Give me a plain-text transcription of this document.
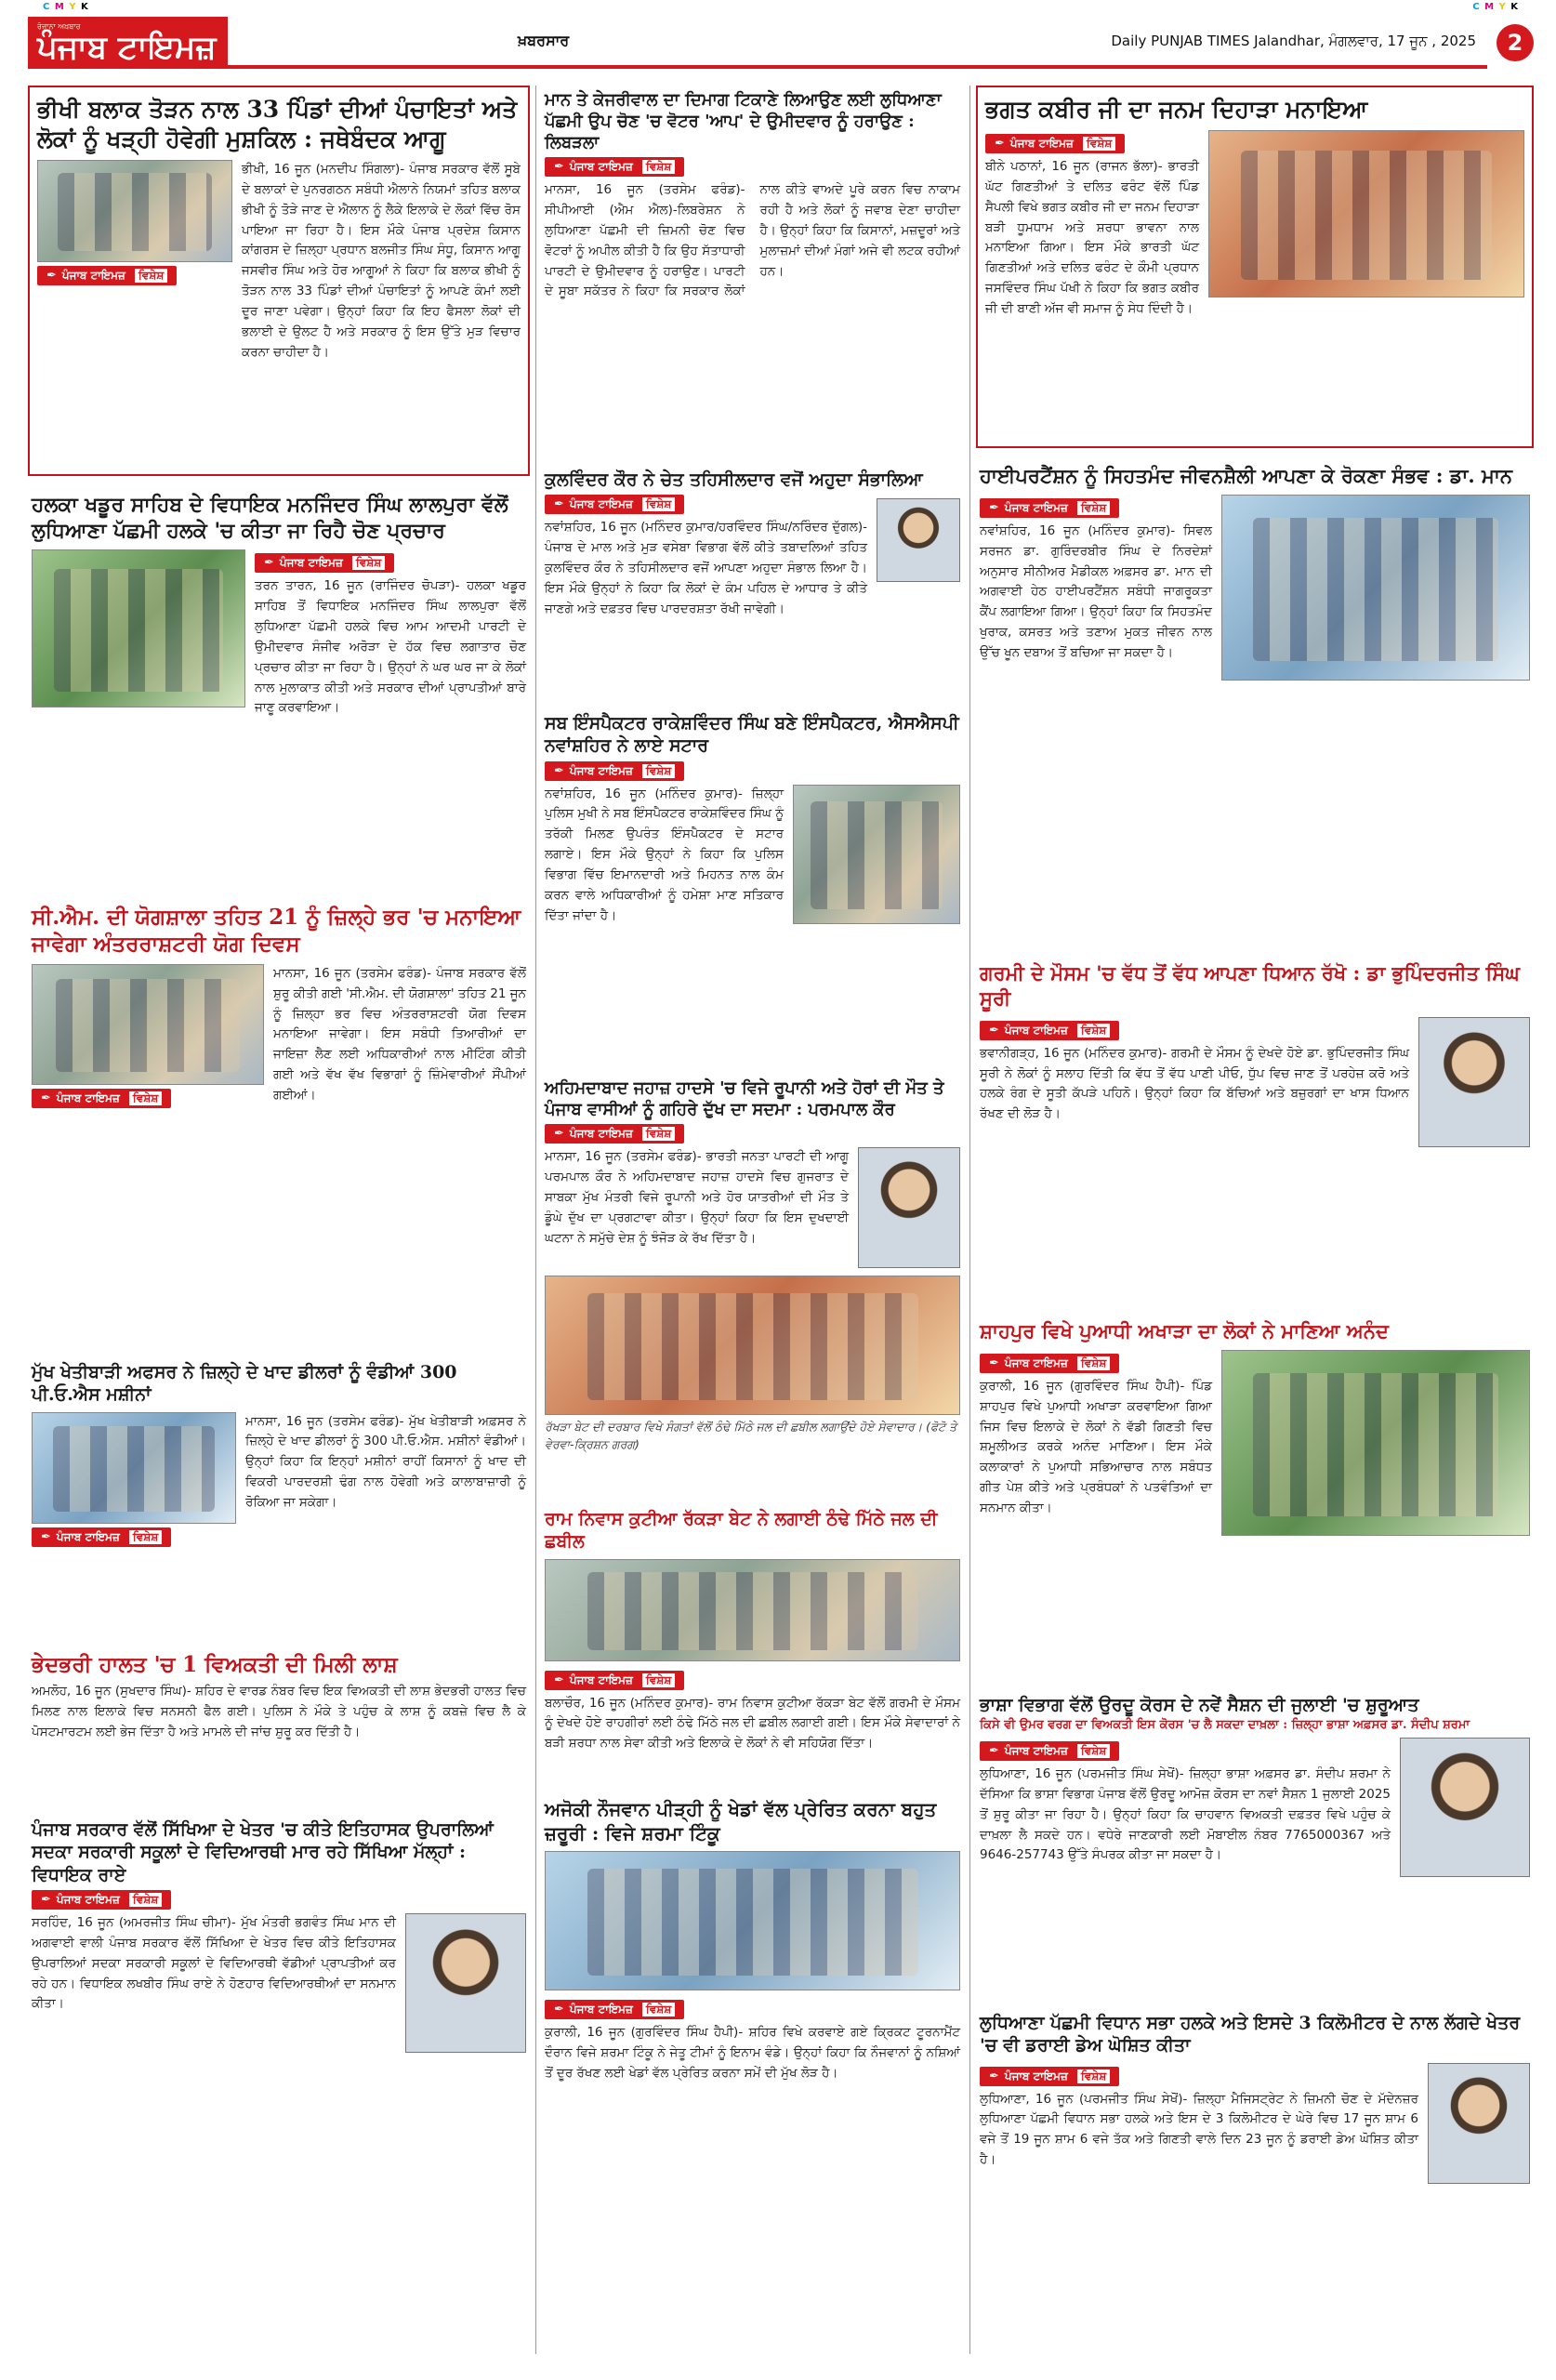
C M Y K	C M Y K
ਰੋਜ਼ਾਨਾ ਅਖ਼ਬਾਰ
ਪੰਜਾਬ ਟਾਇਮਜ਼	ਖ਼ਬਰਸਾਰ	Daily PUNJAB TIMES Jalandhar, ਮੰਗਲਵਾਰ, 17 ਜੂਨ , 2025	2
ਭੀਖੀ ਬਲਾਕ ਤੋੜਨ ਨਾਲ 33 ਪਿੰਡਾਂ ਦੀਆਂ ਪੰਚਾਇਤਾਂ ਅਤੇ ਲੋਕਾਂ ਨੂੰ ਖੜ੍ਹੀ ਹੋਵੇਗੀ ਮੁਸ਼ਕਿਲ : ਜਥੇਬੰਦਕ ਆਗੂ
✒ ਪੰਜਾਬ ਟਾਇਮਜ਼	ਵਿਸ਼ੇਸ਼

ਭੀਖੀ, 16 ਜੂਨ (ਮਨਦੀਪ ਸਿੰਗਲਾ)- ਪੰਜਾਬ ਸਰਕਾਰ ਵੱਲੋਂ ਸੂਬੇ ਦੇ ਬਲਾਕਾਂ ਦੇ ਪੁਨਰਗਠਨ ਸਬੰਧੀ ਐਲਾਨੇ ਨਿਯਮਾਂ ਤਹਿਤ ਬਲਾਕ ਭੀਖੀ ਨੂੰ ਤੋੜੇ ਜਾਣ ਦੇ ਐਲਾਨ ਨੂੰ ਲੈਕੇ ਇਲਾਕੇ ਦੇ ਲੋਕਾਂ ਵਿੱਚ ਰੋਸ ਪਾਇਆ ਜਾ ਰਿਹਾ ਹੈ। ਇਸ ਮੌਕੇ ਪੰਜਾਬ ਪ੍ਰਦੇਸ਼ ਕਿਸਾਨ ਕਾਂਗਰਸ ਦੇ ਜ਼ਿਲ੍ਹਾ ਪ੍ਰਧਾਨ ਬਲਜੀਤ ਸਿੰਘ ਸੰਧੂ, ਕਿਸਾਨ ਆਗੂ ਜਸਵੀਰ ਸਿੰਘ ਅਤੇ ਹੋਰ ਆਗੂਆਂ ਨੇ ਕਿਹਾ ਕਿ ਬਲਾਕ ਭੀਖੀ ਨੂੰ ਤੋੜਨ ਨਾਲ 33 ਪਿੰਡਾਂ ਦੀਆਂ ਪੰਚਾਇਤਾਂ ਨੂੰ ਆਪਣੇ ਕੰਮਾਂ ਲਈ ਦੂਰ ਜਾਣਾ ਪਵੇਗਾ। ਉਨ੍ਹਾਂ ਕਿਹਾ ਕਿ ਇਹ ਫੈਸਲਾ ਲੋਕਾਂ ਦੀ ਭਲਾਈ ਦੇ ਉਲਟ ਹੈ ਅਤੇ ਸਰਕਾਰ ਨੂੰ ਇਸ ਉੱਤੇ ਮੁੜ ਵਿਚਾਰ ਕਰਨਾ ਚਾਹੀਦਾ ਹੈ।

ਮਾਨ ਤੇ ਕੇਜਰੀਵਾਲ ਦਾ ਦਿਮਾਗ ਟਿਕਾਣੇ ਲਿਆਉਣ ਲਈ ਲੁਧਿਆਣਾ ਪੱਛਮੀ ਉਪ ਚੋਣ 'ਚ ਵੋਟਰ 'ਆਪ' ਦੇ ਉਮੀਦਵਾਰ ਨੂੰ ਹਰਾਉਣ : ਲਿਬੜਲਾ
✒ ਪੰਜਾਬ ਟਾਇਮਜ਼	ਵਿਸ਼ੇਸ਼

ਮਾਨਸਾ, 16 ਜੂਨ (ਤਰਸੇਮ ਫਰੰਡ)- ਸੀਪੀਆਈ (ਐਮ ਐਲ)-ਲਿਬਰੇਸ਼ਨ ਨੇ ਲੁਧਿਆਣਾ ਪੱਛਮੀ ਦੀ ਜ਼ਿਮਨੀ ਚੋਣ ਵਿਚ ਵੋਟਰਾਂ ਨੂੰ ਅਪੀਲ ਕੀਤੀ ਹੈ ਕਿ ਉਹ ਸੱਤਾਧਾਰੀ ਪਾਰਟੀ ਦੇ ਉਮੀਦਵਾਰ ਨੂੰ ਹਰਾਉਣ। ਪਾਰਟੀ ਦੇ ਸੂਬਾ ਸਕੱਤਰ ਨੇ ਕਿਹਾ ਕਿ ਸਰਕਾਰ ਲੋਕਾਂ ਨਾਲ ਕੀਤੇ ਵਾਅਦੇ ਪੂਰੇ ਕਰਨ ਵਿਚ ਨਾਕਾਮ ਰਹੀ ਹੈ ਅਤੇ ਲੋਕਾਂ ਨੂੰ ਜਵਾਬ ਦੇਣਾ ਚਾਹੀਦਾ ਹੈ। ਉਨ੍ਹਾਂ ਕਿਹਾ ਕਿ ਕਿਸਾਨਾਂ, ਮਜ਼ਦੂਰਾਂ ਅਤੇ ਮੁਲਾਜ਼ਮਾਂ ਦੀਆਂ ਮੰਗਾਂ ਅਜੇ ਵੀ ਲਟਕ ਰਹੀਆਂ ਹਨ।

ਭਗਤ ਕਬੀਰ ਜੀ ਦਾ ਜਨਮ ਦਿਹਾੜਾ ਮਨਾਇਆ
✒ ਪੰਜਾਬ ਟਾਇਮਜ਼	ਵਿਸ਼ੇਸ਼

ਬੀਨੇ ਪਠਾਨਾਂ, 16 ਜੂਨ (ਰਾਜਨ ਭੱਲਾ)- ਭਾਰਤੀ ਘੱਟ ਗਿਣਤੀਆਂ ਤੇ ਦਲਿਤ ਫਰੰਟ ਵੱਲੋਂ ਪਿੰਡ ਸੈਪਲੀ ਵਿਖੇ ਭਗਤ ਕਬੀਰ ਜੀ ਦਾ ਜਨਮ ਦਿਹਾੜਾ ਬੜੀ ਧੂਮਧਾਮ ਅਤੇ ਸ਼ਰਧਾ ਭਾਵਨਾ ਨਾਲ ਮਨਾਇਆ ਗਿਆ। ਇਸ ਮੌਕੇ ਭਾਰਤੀ ਘੱਟ ਗਿਣਤੀਆਂ ਅਤੇ ਦਲਿਤ ਫਰੰਟ ਦੇ ਕੌਮੀ ਪ੍ਰਧਾਨ ਜਸਵਿੰਦਰ ਸਿੰਘ ਪੱਖੀ ਨੇ ਕਿਹਾ ਕਿ ਭਗਤ ਕਬੀਰ ਜੀ ਦੀ ਬਾਣੀ ਅੱਜ ਵੀ ਸਮਾਜ ਨੂੰ ਸੇਧ ਦਿੰਦੀ ਹੈ।

ਕੁਲਵਿੰਦਰ ਕੌਰ ਨੇ ਚੇਤ ਤਹਿਸੀਲਦਾਰ ਵਜੋਂ ਅਹੁਦਾ ਸੰਭਾਲਿਆ
✒ ਪੰਜਾਬ ਟਾਇਮਜ਼	ਵਿਸ਼ੇਸ਼

ਨਵਾਂਸ਼ਹਿਰ, 16 ਜੂਨ (ਮਨਿੰਦਰ ਕੁਮਾਰ/ਹਰਵਿੰਦਰ ਸਿੰਘ/ਨਰਿੰਦਰ ਦੁੱਗਲ)- ਪੰਜਾਬ ਦੇ ਮਾਲ ਅਤੇ ਮੁੜ ਵਸੇਬਾ ਵਿਭਾਗ ਵੱਲੋਂ ਕੀਤੇ ਤਬਾਦਲਿਆਂ ਤਹਿਤ ਕੁਲਵਿੰਦਰ ਕੌਰ ਨੇ ਤਹਿਸੀਲਦਾਰ ਵਜੋਂ ਆਪਣਾ ਅਹੁਦਾ ਸੰਭਾਲ ਲਿਆ ਹੈ। ਇਸ ਮੌਕੇ ਉਨ੍ਹਾਂ ਨੇ ਕਿਹਾ ਕਿ ਲੋਕਾਂ ਦੇ ਕੰਮ ਪਹਿਲ ਦੇ ਆਧਾਰ ਤੇ ਕੀਤੇ ਜਾਣਗੇ ਅਤੇ ਦਫ਼ਤਰ ਵਿਚ ਪਾਰਦਰਸ਼ਤਾ ਰੱਖੀ ਜਾਵੇਗੀ।

ਹਲਕਾ ਖਡੂਰ ਸਾਹਿਬ ਦੇ ਵਿਧਾਇਕ ਮਨਜਿੰਦਰ ਸਿੰਘ ਲਾਲਪੁਰਾ ਵੱਲੋਂ ਲੁਧਿਆਣਾ ਪੱਛਮੀ ਹਲਕੇ 'ਚ ਕੀਤਾ ਜਾ ਰਿਹੈ ਚੋਣ ਪ੍ਰਚਾਰ
✒ ਪੰਜਾਬ ਟਾਇਮਜ਼	ਵਿਸ਼ੇਸ਼

ਤਰਨ ਤਾਰਨ, 16 ਜੂਨ (ਰਾਜਿੰਦਰ ਚੋਪੜਾ)- ਹਲਕਾ ਖਡੂਰ ਸਾਹਿਬ ਤੋਂ ਵਿਧਾਇਕ ਮਨਜਿੰਦਰ ਸਿੰਘ ਲਾਲਪੁਰਾ ਵੱਲੋਂ ਲੁਧਿਆਣਾ ਪੱਛਮੀ ਹਲਕੇ ਵਿਚ ਆਮ ਆਦਮੀ ਪਾਰਟੀ ਦੇ ਉਮੀਦਵਾਰ ਸੰਜੀਵ ਅਰੋੜਾ ਦੇ ਹੱਕ ਵਿਚ ਲਗਾਤਾਰ ਚੋਣ ਪ੍ਰਚਾਰ ਕੀਤਾ ਜਾ ਰਿਹਾ ਹੈ। ਉਨ੍ਹਾਂ ਨੇ ਘਰ ਘਰ ਜਾ ਕੇ ਲੋਕਾਂ ਨਾਲ ਮੁਲਾਕਾਤ ਕੀਤੀ ਅਤੇ ਸਰਕਾਰ ਦੀਆਂ ਪ੍ਰਾਪਤੀਆਂ ਬਾਰੇ ਜਾਣੂ ਕਰਵਾਇਆ।

ਹਾਈਪਰਟੈਂਸ਼ਨ ਨੂੰ ਸਿਹਤਮੰਦ ਜੀਵਨਸ਼ੈਲੀ ਆਪਣਾ ਕੇ ਰੋਕਣਾ ਸੰਭਵ : ਡਾ. ਮਾਨ
✒ ਪੰਜਾਬ ਟਾਇਮਜ਼	ਵਿਸ਼ੇਸ਼

ਨਵਾਂਸ਼ਹਿਰ, 16 ਜੂਨ (ਮਨਿੰਦਰ ਕੁਮਾਰ)- ਸਿਵਲ ਸਰਜਨ ਡਾ. ਗੁਰਿੰਦਰਬੀਰ ਸਿੰਘ ਦੇ ਨਿਰਦੇਸ਼ਾਂ ਅਨੁਸਾਰ ਸੀਨੀਅਰ ਮੈਡੀਕਲ ਅਫ਼ਸਰ ਡਾ. ਮਾਨ ਦੀ ਅਗਵਾਈ ਹੇਠ ਹਾਈਪਰਟੈਂਸ਼ਨ ਸਬੰਧੀ ਜਾਗਰੂਕਤਾ ਕੈਂਪ ਲਗਾਇਆ ਗਿਆ। ਉਨ੍ਹਾਂ ਕਿਹਾ ਕਿ ਸਿਹਤਮੰਦ ਖੁਰਾਕ, ਕਸਰਤ ਅਤੇ ਤਣਾਅ ਮੁਕਤ ਜੀਵਨ ਨਾਲ ਉੱਚ ਖੂਨ ਦਬਾਅ ਤੋਂ ਬਚਿਆ ਜਾ ਸਕਦਾ ਹੈ।

ਸਬ ਇੰਸਪੈਕਟਰ ਰਾਕੇਸ਼ਵਿੰਦਰ ਸਿੰਘ ਬਣੇ ਇੰਸਪੈਕਟਰ, ਐਸਐਸਪੀ ਨਵਾਂਸ਼ਹਿਰ ਨੇ ਲਾਏ ਸਟਾਰ
✒ ਪੰਜਾਬ ਟਾਇਮਜ਼	ਵਿਸ਼ੇਸ਼

ਨਵਾਂਸ਼ਹਿਰ, 16 ਜੂਨ (ਮਨਿੰਦਰ ਕੁਮਾਰ)- ਜ਼ਿਲ੍ਹਾ ਪੁਲਿਸ ਮੁਖੀ ਨੇ ਸਬ ਇੰਸਪੈਕਟਰ ਰਾਕੇਸ਼ਵਿੰਦਰ ਸਿੰਘ ਨੂੰ ਤਰੱਕੀ ਮਿਲਣ ਉਪਰੰਤ ਇੰਸਪੈਕਟਰ ਦੇ ਸਟਾਰ ਲਗਾਏ। ਇਸ ਮੌਕੇ ਉਨ੍ਹਾਂ ਨੇ ਕਿਹਾ ਕਿ ਪੁਲਿਸ ਵਿਭਾਗ ਵਿੱਚ ਇਮਾਨਦਾਰੀ ਅਤੇ ਮਿਹਨਤ ਨਾਲ ਕੰਮ ਕਰਨ ਵਾਲੇ ਅਧਿਕਾਰੀਆਂ ਨੂੰ ਹਮੇਸ਼ਾ ਮਾਣ ਸਤਿਕਾਰ ਦਿੱਤਾ ਜਾਂਦਾ ਹੈ।

ਸੀ.ਐਮ. ਦੀ ਯੋਗਸ਼ਾਲਾ ਤਹਿਤ 21 ਨੂੰ ਜ਼ਿਲ੍ਹੇ ਭਰ 'ਚ ਮਨਾਇਆ ਜਾਵੇਗਾ ਅੰਤਰਰਾਸ਼ਟਰੀ ਯੋਗ ਦਿਵਸ
✒ ਪੰਜਾਬ ਟਾਇਮਜ਼	ਵਿਸ਼ੇਸ਼

ਮਾਨਸਾ, 16 ਜੂਨ (ਤਰਸੇਮ ਫਰੰਡ)- ਪੰਜਾਬ ਸਰਕਾਰ ਵੱਲੋਂ ਸ਼ੁਰੂ ਕੀਤੀ ਗਈ 'ਸੀ.ਐਮ. ਦੀ ਯੋਗਸ਼ਾਲਾ' ਤਹਿਤ 21 ਜੂਨ ਨੂੰ ਜ਼ਿਲ੍ਹਾ ਭਰ ਵਿਚ ਅੰਤਰਰਾਸ਼ਟਰੀ ਯੋਗ ਦਿਵਸ ਮਨਾਇਆ ਜਾਵੇਗਾ। ਇਸ ਸਬੰਧੀ ਤਿਆਰੀਆਂ ਦਾ ਜਾਇਜ਼ਾ ਲੈਣ ਲਈ ਅਧਿਕਾਰੀਆਂ ਨਾਲ ਮੀਟਿੰਗ ਕੀਤੀ ਗਈ ਅਤੇ ਵੱਖ ਵੱਖ ਵਿਭਾਗਾਂ ਨੂੰ ਜ਼ਿੰਮੇਵਾਰੀਆਂ ਸੌਂਪੀਆਂ ਗਈਆਂ।

ਗਰਮੀ ਦੇ ਮੌਸਮ 'ਚ ਵੱਧ ਤੋਂ ਵੱਧ ਆਪਣਾ ਧਿਆਨ ਰੱਖੋ : ਡਾ ਭੁਪਿੰਦਰਜੀਤ ਸਿੰਘ ਸੂਰੀ
✒ ਪੰਜਾਬ ਟਾਇਮਜ਼	ਵਿਸ਼ੇਸ਼

ਭਵਾਨੀਗੜ੍ਹ, 16 ਜੂਨ (ਮਨਿੰਦਰ ਕੁਮਾਰ)- ਗਰਮੀ ਦੇ ਮੌਸਮ ਨੂੰ ਦੇਖਦੇ ਹੋਏ ਡਾ. ਭੁਪਿੰਦਰਜੀਤ ਸਿੰਘ ਸੂਰੀ ਨੇ ਲੋਕਾਂ ਨੂੰ ਸਲਾਹ ਦਿੱਤੀ ਕਿ ਵੱਧ ਤੋਂ ਵੱਧ ਪਾਣੀ ਪੀਓ, ਧੁੱਪ ਵਿਚ ਜਾਣ ਤੋਂ ਪਰਹੇਜ਼ ਕਰੋ ਅਤੇ ਹਲਕੇ ਰੰਗ ਦੇ ਸੂਤੀ ਕੱਪੜੇ ਪਹਿਨੋ। ਉਨ੍ਹਾਂ ਕਿਹਾ ਕਿ ਬੱਚਿਆਂ ਅਤੇ ਬਜ਼ੁਰਗਾਂ ਦਾ ਖਾਸ ਧਿਆਨ ਰੱਖਣ ਦੀ ਲੋੜ ਹੈ।

ਅਹਿਮਦਾਬਾਦ ਜਹਾਜ਼ ਹਾਦਸੇ 'ਚ ਵਿਜੇ ਰੂਪਾਨੀ ਅਤੇ ਹੋਰਾਂ ਦੀ ਮੌਤ ਤੇ ਪੰਜਾਬ ਵਾਸੀਆਂ ਨੂੰ ਗਹਿਰੇ ਦੁੱਖ ਦਾ ਸਦਮਾ : ਪਰਮਪਾਲ ਕੌਰ
✒ ਪੰਜਾਬ ਟਾਇਮਜ਼	ਵਿਸ਼ੇਸ਼

ਮਾਨਸਾ, 16 ਜੂਨ (ਤਰਸੇਮ ਫਰੰਡ)- ਭਾਰਤੀ ਜਨਤਾ ਪਾਰਟੀ ਦੀ ਆਗੂ ਪਰਮਪਾਲ ਕੌਰ ਨੇ ਅਹਿਮਦਾਬਾਦ ਜਹਾਜ਼ ਹਾਦਸੇ ਵਿਚ ਗੁਜਰਾਤ ਦੇ ਸਾਬਕਾ ਮੁੱਖ ਮੰਤਰੀ ਵਿਜੇ ਰੂਪਾਨੀ ਅਤੇ ਹੋਰ ਯਾਤਰੀਆਂ ਦੀ ਮੌਤ ਤੇ ਡੂੰਘੇ ਦੁੱਖ ਦਾ ਪ੍ਰਗਟਾਵਾ ਕੀਤਾ। ਉਨ੍ਹਾਂ ਕਿਹਾ ਕਿ ਇਸ ਦੁਖਦਾਈ ਘਟਨਾ ਨੇ ਸਮੁੱਚੇ ਦੇਸ਼ ਨੂੰ ਝੰਜੋੜ ਕੇ ਰੱਖ ਦਿੱਤਾ ਹੈ।

ਰੱਖੜਾ ਬੇਟ ਦੀ ਦਰਬਾਰ ਵਿਖੇ ਸੰਗਤਾਂ ਵੱਲੋਂ ਠੰਢੇ ਮਿੱਠੇ ਜਲ ਦੀ ਛਬੀਲ ਲਗਾਉਂਦੇ ਹੋਏ ਸੇਵਾਦਾਰ। (ਫੋਟੋ ਤੇ ਵੇਰਵਾ-ਕ੍ਰਿਸ਼ਨ ਗਰਗ)

ਮੁੱਖ ਖੇਤੀਬਾੜੀ ਅਫਸਰ ਨੇ ਜ਼ਿਲ੍ਹੇ ਦੇ ਖਾਦ ਡੀਲਰਾਂ ਨੂੰ ਵੰਡੀਆਂ 300 ਪੀ.ਓ.ਐਸ ਮਸ਼ੀਨਾਂ
✒ ਪੰਜਾਬ ਟਾਇਮਜ਼	ਵਿਸ਼ੇਸ਼

ਮਾਨਸਾ, 16 ਜੂਨ (ਤਰਸੇਮ ਫਰੰਡ)- ਮੁੱਖ ਖੇਤੀਬਾੜੀ ਅਫ਼ਸਰ ਨੇ ਜ਼ਿਲ੍ਹੇ ਦੇ ਖਾਦ ਡੀਲਰਾਂ ਨੂੰ 300 ਪੀ.ਓ.ਐਸ. ਮਸ਼ੀਨਾਂ ਵੰਡੀਆਂ। ਉਨ੍ਹਾਂ ਕਿਹਾ ਕਿ ਇਨ੍ਹਾਂ ਮਸ਼ੀਨਾਂ ਰਾਹੀਂ ਕਿਸਾਨਾਂ ਨੂੰ ਖਾਦ ਦੀ ਵਿਕਰੀ ਪਾਰਦਰਸ਼ੀ ਢੰਗ ਨਾਲ ਹੋਵੇਗੀ ਅਤੇ ਕਾਲਾਬਾਜ਼ਾਰੀ ਨੂੰ ਰੋਕਿਆ ਜਾ ਸਕੇਗਾ।

ਸ਼ਾਹਪੁਰ ਵਿਖੇ ਪੁਆਧੀ ਅਖਾੜਾ ਦਾ ਲੋਕਾਂ ਨੇ ਮਾਣਿਆ ਅਨੰਦ
✒ ਪੰਜਾਬ ਟਾਇਮਜ਼	ਵਿਸ਼ੇਸ਼

ਕੁਰਾਲੀ, 16 ਜੂਨ (ਗੁਰਵਿੰਦਰ ਸਿੰਘ ਹੈਪੀ)- ਪਿੰਡ ਸ਼ਾਹਪੁਰ ਵਿਖੇ ਪੁਆਧੀ ਅਖਾੜਾ ਕਰਵਾਇਆ ਗਿਆ ਜਿਸ ਵਿਚ ਇਲਾਕੇ ਦੇ ਲੋਕਾਂ ਨੇ ਵੱਡੀ ਗਿਣਤੀ ਵਿਚ ਸ਼ਮੂਲੀਅਤ ਕਰਕੇ ਅਨੰਦ ਮਾਣਿਆ। ਇਸ ਮੌਕੇ ਕਲਾਕਾਰਾਂ ਨੇ ਪੁਆਧੀ ਸਭਿਆਚਾਰ ਨਾਲ ਸਬੰਧਤ ਗੀਤ ਪੇਸ਼ ਕੀਤੇ ਅਤੇ ਪ੍ਰਬੰਧਕਾਂ ਨੇ ਪਤਵੰਤਿਆਂ ਦਾ ਸਨਮਾਨ ਕੀਤਾ।

ਰਾਮ ਨਿਵਾਸ ਕੁਟੀਆ ਰੱਕੜਾ ਬੇਟ ਨੇ ਲਗਾਈ ਠੰਢੇ ਮਿੱਠੇ ਜਲ ਦੀ ਛਬੀਲ
✒ ਪੰਜਾਬ ਟਾਇਮਜ਼	ਵਿਸ਼ੇਸ਼

ਬਲਾਚੌਰ, 16 ਜੂਨ (ਮਨਿੰਦਰ ਕੁਮਾਰ)- ਰਾਮ ਨਿਵਾਸ ਕੁਟੀਆ ਰੱਕੜਾ ਬੇਟ ਵੱਲੋਂ ਗਰਮੀ ਦੇ ਮੌਸਮ ਨੂੰ ਦੇਖਦੇ ਹੋਏ ਰਾਹਗੀਰਾਂ ਲਈ ਠੰਢੇ ਮਿੱਠੇ ਜਲ ਦੀ ਛਬੀਲ ਲਗਾਈ ਗਈ। ਇਸ ਮੌਕੇ ਸੇਵਾਦਾਰਾਂ ਨੇ ਬੜੀ ਸ਼ਰਧਾ ਨਾਲ ਸੇਵਾ ਕੀਤੀ ਅਤੇ ਇਲਾਕੇ ਦੇ ਲੋਕਾਂ ਨੇ ਵੀ ਸਹਿਯੋਗ ਦਿੱਤਾ।

ਭੇਦਭਰੀ ਹਾਲਤ 'ਚ 1 ਵਿਅਕਤੀ ਦੀ ਮਿਲੀ ਲਾਸ਼

ਅਮਲੋਹ, 16 ਜੂਨ (ਸੁਖਦਾਰ ਸਿੰਘ)- ਸ਼ਹਿਰ ਦੇ ਵਾਰਡ ਨੰਬਰ ਵਿਚ ਇਕ ਵਿਅਕਤੀ ਦੀ ਲਾਸ਼ ਭੇਦਭਰੀ ਹਾਲਤ ਵਿਚ ਮਿਲਣ ਨਾਲ ਇਲਾਕੇ ਵਿਚ ਸਨਸਨੀ ਫੈਲ ਗਈ। ਪੁਲਿਸ ਨੇ ਮੌਕੇ ਤੇ ਪਹੁੰਚ ਕੇ ਲਾਸ਼ ਨੂੰ ਕਬਜ਼ੇ ਵਿਚ ਲੈ ਕੇ ਪੋਸਟਮਾਰਟਮ ਲਈ ਭੇਜ ਦਿੱਤਾ ਹੈ ਅਤੇ ਮਾਮਲੇ ਦੀ ਜਾਂਚ ਸ਼ੁਰੂ ਕਰ ਦਿੱਤੀ ਹੈ।

ਭਾਸ਼ਾ ਵਿਭਾਗ ਵੱਲੋਂ ਉਰਦੂ ਕੋਰਸ ਦੇ ਨਵੇਂ ਸੈਸ਼ਨ ਦੀ ਜੁਲਾਈ 'ਚ ਸ਼ੁਰੂਆਤ

ਕਿਸੇ ਵੀ ਉਮਰ ਵਰਗ ਦਾ ਵਿਅਕਤੀ ਇਸ ਕੋਰਸ 'ਚ ਲੈ ਸਕਦਾ ਦਾਖ਼ਲਾ : ਜ਼ਿਲ੍ਹਾ ਭਾਸ਼ਾ ਅਫ਼ਸਰ ਡਾ. ਸੰਦੀਪ ਸ਼ਰਮਾ

✒ ਪੰਜਾਬ ਟਾਇਮਜ਼	ਵਿਸ਼ੇਸ਼

ਲੁਧਿਆਣਾ, 16 ਜੂਨ (ਪਰਮਜੀਤ ਸਿੰਘ ਸੇਖੋਂ)- ਜ਼ਿਲ੍ਹਾ ਭਾਸ਼ਾ ਅਫ਼ਸਰ ਡਾ. ਸੰਦੀਪ ਸ਼ਰਮਾ ਨੇ ਦੱਸਿਆ ਕਿ ਭਾਸ਼ਾ ਵਿਭਾਗ ਪੰਜਾਬ ਵੱਲੋਂ ਉਰਦੂ ਆਮੋਜ਼ ਕੋਰਸ ਦਾ ਨਵਾਂ ਸੈਸ਼ਨ 1 ਜੁਲਾਈ 2025 ਤੋਂ ਸ਼ੁਰੂ ਕੀਤਾ ਜਾ ਰਿਹਾ ਹੈ। ਉਨ੍ਹਾਂ ਕਿਹਾ ਕਿ ਚਾਹਵਾਨ ਵਿਅਕਤੀ ਦਫ਼ਤਰ ਵਿਖੇ ਪਹੁੰਚ ਕੇ ਦਾਖ਼ਲਾ ਲੈ ਸਕਦੇ ਹਨ। ਵਧੇਰੇ ਜਾਣਕਾਰੀ ਲਈ ਮੋਬਾਈਲ ਨੰਬਰ 7765000367 ਅਤੇ 9646-257743 ਉੱਤੇ ਸੰਪਰਕ ਕੀਤਾ ਜਾ ਸਕਦਾ ਹੈ।

ਅਜੋਕੀ ਨੌਜਵਾਨ ਪੀੜ੍ਹੀ ਨੂੰ ਖੇਡਾਂ ਵੱਲ ਪ੍ਰੇਰਿਤ ਕਰਨਾ ਬਹੁਤ ਜ਼ਰੂਰੀ : ਵਿਜੇ ਸ਼ਰਮਾ ਟਿੰਕੂ
✒ ਪੰਜਾਬ ਟਾਇਮਜ਼	ਵਿਸ਼ੇਸ਼

ਕੁਰਾਲੀ, 16 ਜੂਨ (ਗੁਰਵਿੰਦਰ ਸਿੰਘ ਹੈਪੀ)- ਸ਼ਹਿਰ ਵਿਖੇ ਕਰਵਾਏ ਗਏ ਕ੍ਰਿਕਟ ਟੂਰਨਾਮੈਂਟ ਦੌਰਾਨ ਵਿਜੇ ਸ਼ਰਮਾ ਟਿੰਕੂ ਨੇ ਜੇਤੂ ਟੀਮਾਂ ਨੂੰ ਇਨਾਮ ਵੰਡੇ। ਉਨ੍ਹਾਂ ਕਿਹਾ ਕਿ ਨੌਜਵਾਨਾਂ ਨੂੰ ਨਸ਼ਿਆਂ ਤੋਂ ਦੂਰ ਰੱਖਣ ਲਈ ਖੇਡਾਂ ਵੱਲ ਪ੍ਰੇਰਿਤ ਕਰਨਾ ਸਮੇਂ ਦੀ ਮੁੱਖ ਲੋੜ ਹੈ।

ਪੰਜਾਬ ਸਰਕਾਰ ਵੱਲੋਂ ਸਿੱਖਿਆ ਦੇ ਖੇਤਰ 'ਚ ਕੀਤੇ ਇਤਿਹਾਸਕ ਉਪਰਾਲਿਆਂ ਸਦਕਾ ਸਰਕਾਰੀ ਸਕੂਲਾਂ ਦੇ ਵਿਦਿਆਰਥੀ ਮਾਰ ਰਹੇ ਸਿੱਖਿਆ ਮੱਲ੍ਹਾਂ : ਵਿਧਾਇਕ ਰਾਏ
✒ ਪੰਜਾਬ ਟਾਇਮਜ਼	ਵਿਸ਼ੇਸ਼

ਸਰਹਿੰਦ, 16 ਜੂਨ (ਅਮਰਜੀਤ ਸਿੰਘ ਚੀਮਾ)- ਮੁੱਖ ਮੰਤਰੀ ਭਗਵੰਤ ਸਿੰਘ ਮਾਨ ਦੀ ਅਗਵਾਈ ਵਾਲੀ ਪੰਜਾਬ ਸਰਕਾਰ ਵੱਲੋਂ ਸਿੱਖਿਆ ਦੇ ਖੇਤਰ ਵਿਚ ਕੀਤੇ ਇਤਿਹਾਸਕ ਉਪਰਾਲਿਆਂ ਸਦਕਾ ਸਰਕਾਰੀ ਸਕੂਲਾਂ ਦੇ ਵਿਦਿਆਰਥੀ ਵੱਡੀਆਂ ਪ੍ਰਾਪਤੀਆਂ ਕਰ ਰਹੇ ਹਨ। ਵਿਧਾਇਕ ਲਖਬੀਰ ਸਿੰਘ ਰਾਏ ਨੇ ਹੋਣਹਾਰ ਵਿਦਿਆਰਥੀਆਂ ਦਾ ਸਨਮਾਨ ਕੀਤਾ।

ਲੁਧਿਆਣਾ ਪੱਛਮੀ ਵਿਧਾਨ ਸਭਾ ਹਲਕੇ ਅਤੇ ਇਸਦੇ 3 ਕਿਲੋਮੀਟਰ ਦੇ ਨਾਲ ਲੱਗਦੇ ਖੇਤਰ 'ਚ ਵੀ ਡਰਾਈ ਡੇਅ ਘੋਸ਼ਿਤ ਕੀਤਾ
✒ ਪੰਜਾਬ ਟਾਇਮਜ਼	ਵਿਸ਼ੇਸ਼

ਲੁਧਿਆਣਾ, 16 ਜੂਨ (ਪਰਮਜੀਤ ਸਿੰਘ ਸੇਖੋਂ)- ਜ਼ਿਲ੍ਹਾ ਮੈਜਿਸਟ੍ਰੇਟ ਨੇ ਜ਼ਿਮਨੀ ਚੋਣ ਦੇ ਮੱਦੇਨਜ਼ਰ ਲੁਧਿਆਣਾ ਪੱਛਮੀ ਵਿਧਾਨ ਸਭਾ ਹਲਕੇ ਅਤੇ ਇਸ ਦੇ 3 ਕਿਲੋਮੀਟਰ ਦੇ ਘੇਰੇ ਵਿਚ 17 ਜੂਨ ਸ਼ਾਮ 6 ਵਜੇ ਤੋਂ 19 ਜੂਨ ਸ਼ਾਮ 6 ਵਜੇ ਤੱਕ ਅਤੇ ਗਿਣਤੀ ਵਾਲੇ ਦਿਨ 23 ਜੂਨ ਨੂੰ ਡਰਾਈ ਡੇਅ ਘੋਸ਼ਿਤ ਕੀਤਾ ਹੈ।
